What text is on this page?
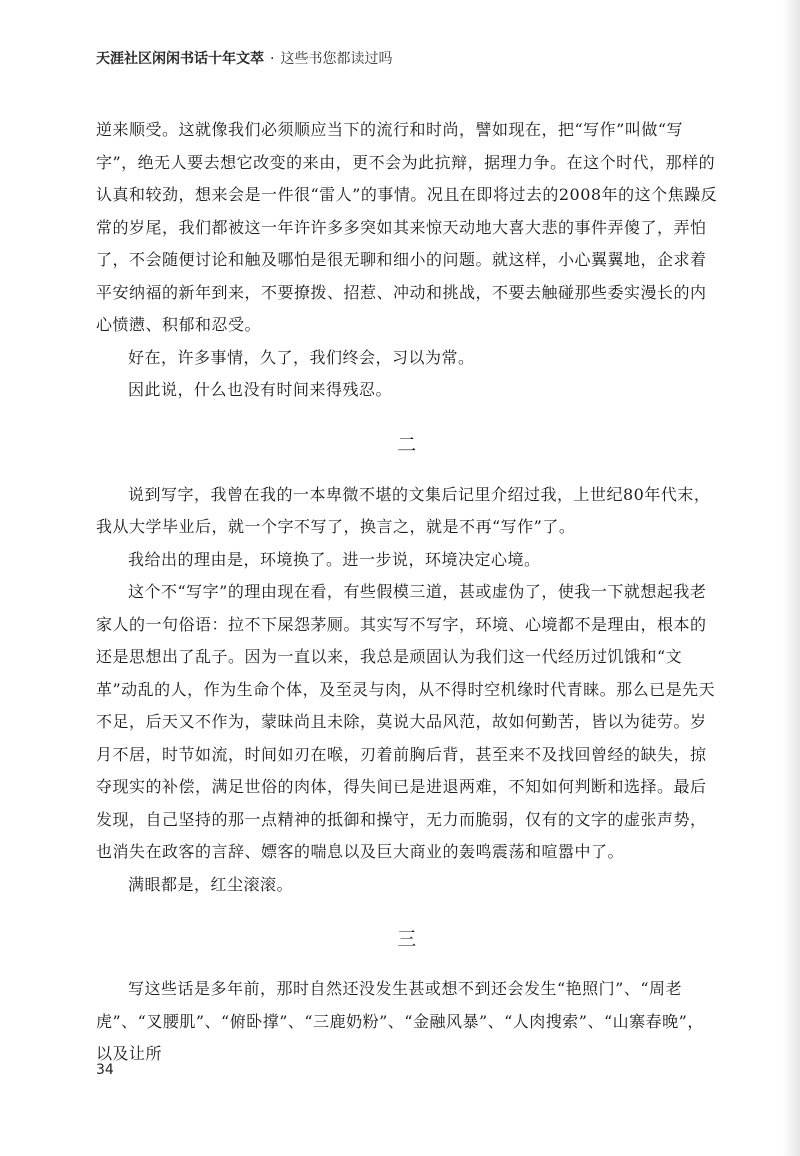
天涯社区闲闲书话十年文萃 · 这些书您都读过吗

逆来顺受。这就像我们必须顺应当下的流行和时尚，譬如现在，把“写作”叫做“写字”，绝无人要去想它改变的来由，更不会为此抗辩，据理力争。在这个时代，那样的认真和较劲，想来会是一件很“雷人”的事情。况且在即将过去的2008年的这个焦躁反常的岁尾，我们都被这一年许许多多突如其来惊天动地大喜大悲的事件弄傻了，弄怕了，不会随便讨论和触及哪怕是很无聊和细小的问题。就这样，小心翼翼地，企求着平安纳福的新年到来，不要撩拨、招惹、冲动和挑战，不要去触碰那些委实漫长的内心愤懑、积郁和忍受。

好在，许多事情，久了，我们终会，习以为常。

因此说，什么也没有时间来得残忍。

二

说到写字，我曾在我的一本卑微不堪的文集后记里介绍过我，上世纪80年代末，我从大学毕业后，就一个字不写了，换言之，就是不再“写作”了。

我给出的理由是，环境换了。进一步说，环境决定心境。

这个不“写字”的理由现在看，有些假模三道，甚或虚伪了，使我一下就想起我老家人的一句俗语：拉不下屎怨茅厕。其实写不写字，环境、心境都不是理由，根本的还是思想出了乱子。因为一直以来，我总是顽固认为我们这一代经历过饥饿和“文革”动乱的人，作为生命个体，及至灵与肉，从不得时空机缘时代青睐。那么已是先天不足，后天又不作为，蒙昧尚且未除，莫说大品风范，故如何勤苦，皆以为徒劳。岁月不居，时节如流，时间如刃在喉，刃着前胸后背，甚至来不及找回曾经的缺失，掠夺现实的补偿，满足世俗的肉体，得失间已是进退两难，不知如何判断和选择。最后发现，自己坚持的那一点精神的抵御和操守，无力而脆弱，仅有的文字的虚张声势，也消失在政客的言辞、嫖客的喘息以及巨大商业的轰鸣震荡和喧嚣中了。

满眼都是，红尘滚滚。

三

写这些话是多年前，那时自然还没发生甚或想不到还会发生“艳照门”、“周老虎”、“叉腰肌”、“俯卧撑”、“三鹿奶粉”、“金融风暴”、“人肉搜索”、“山寨春晚”，以及让所

34
